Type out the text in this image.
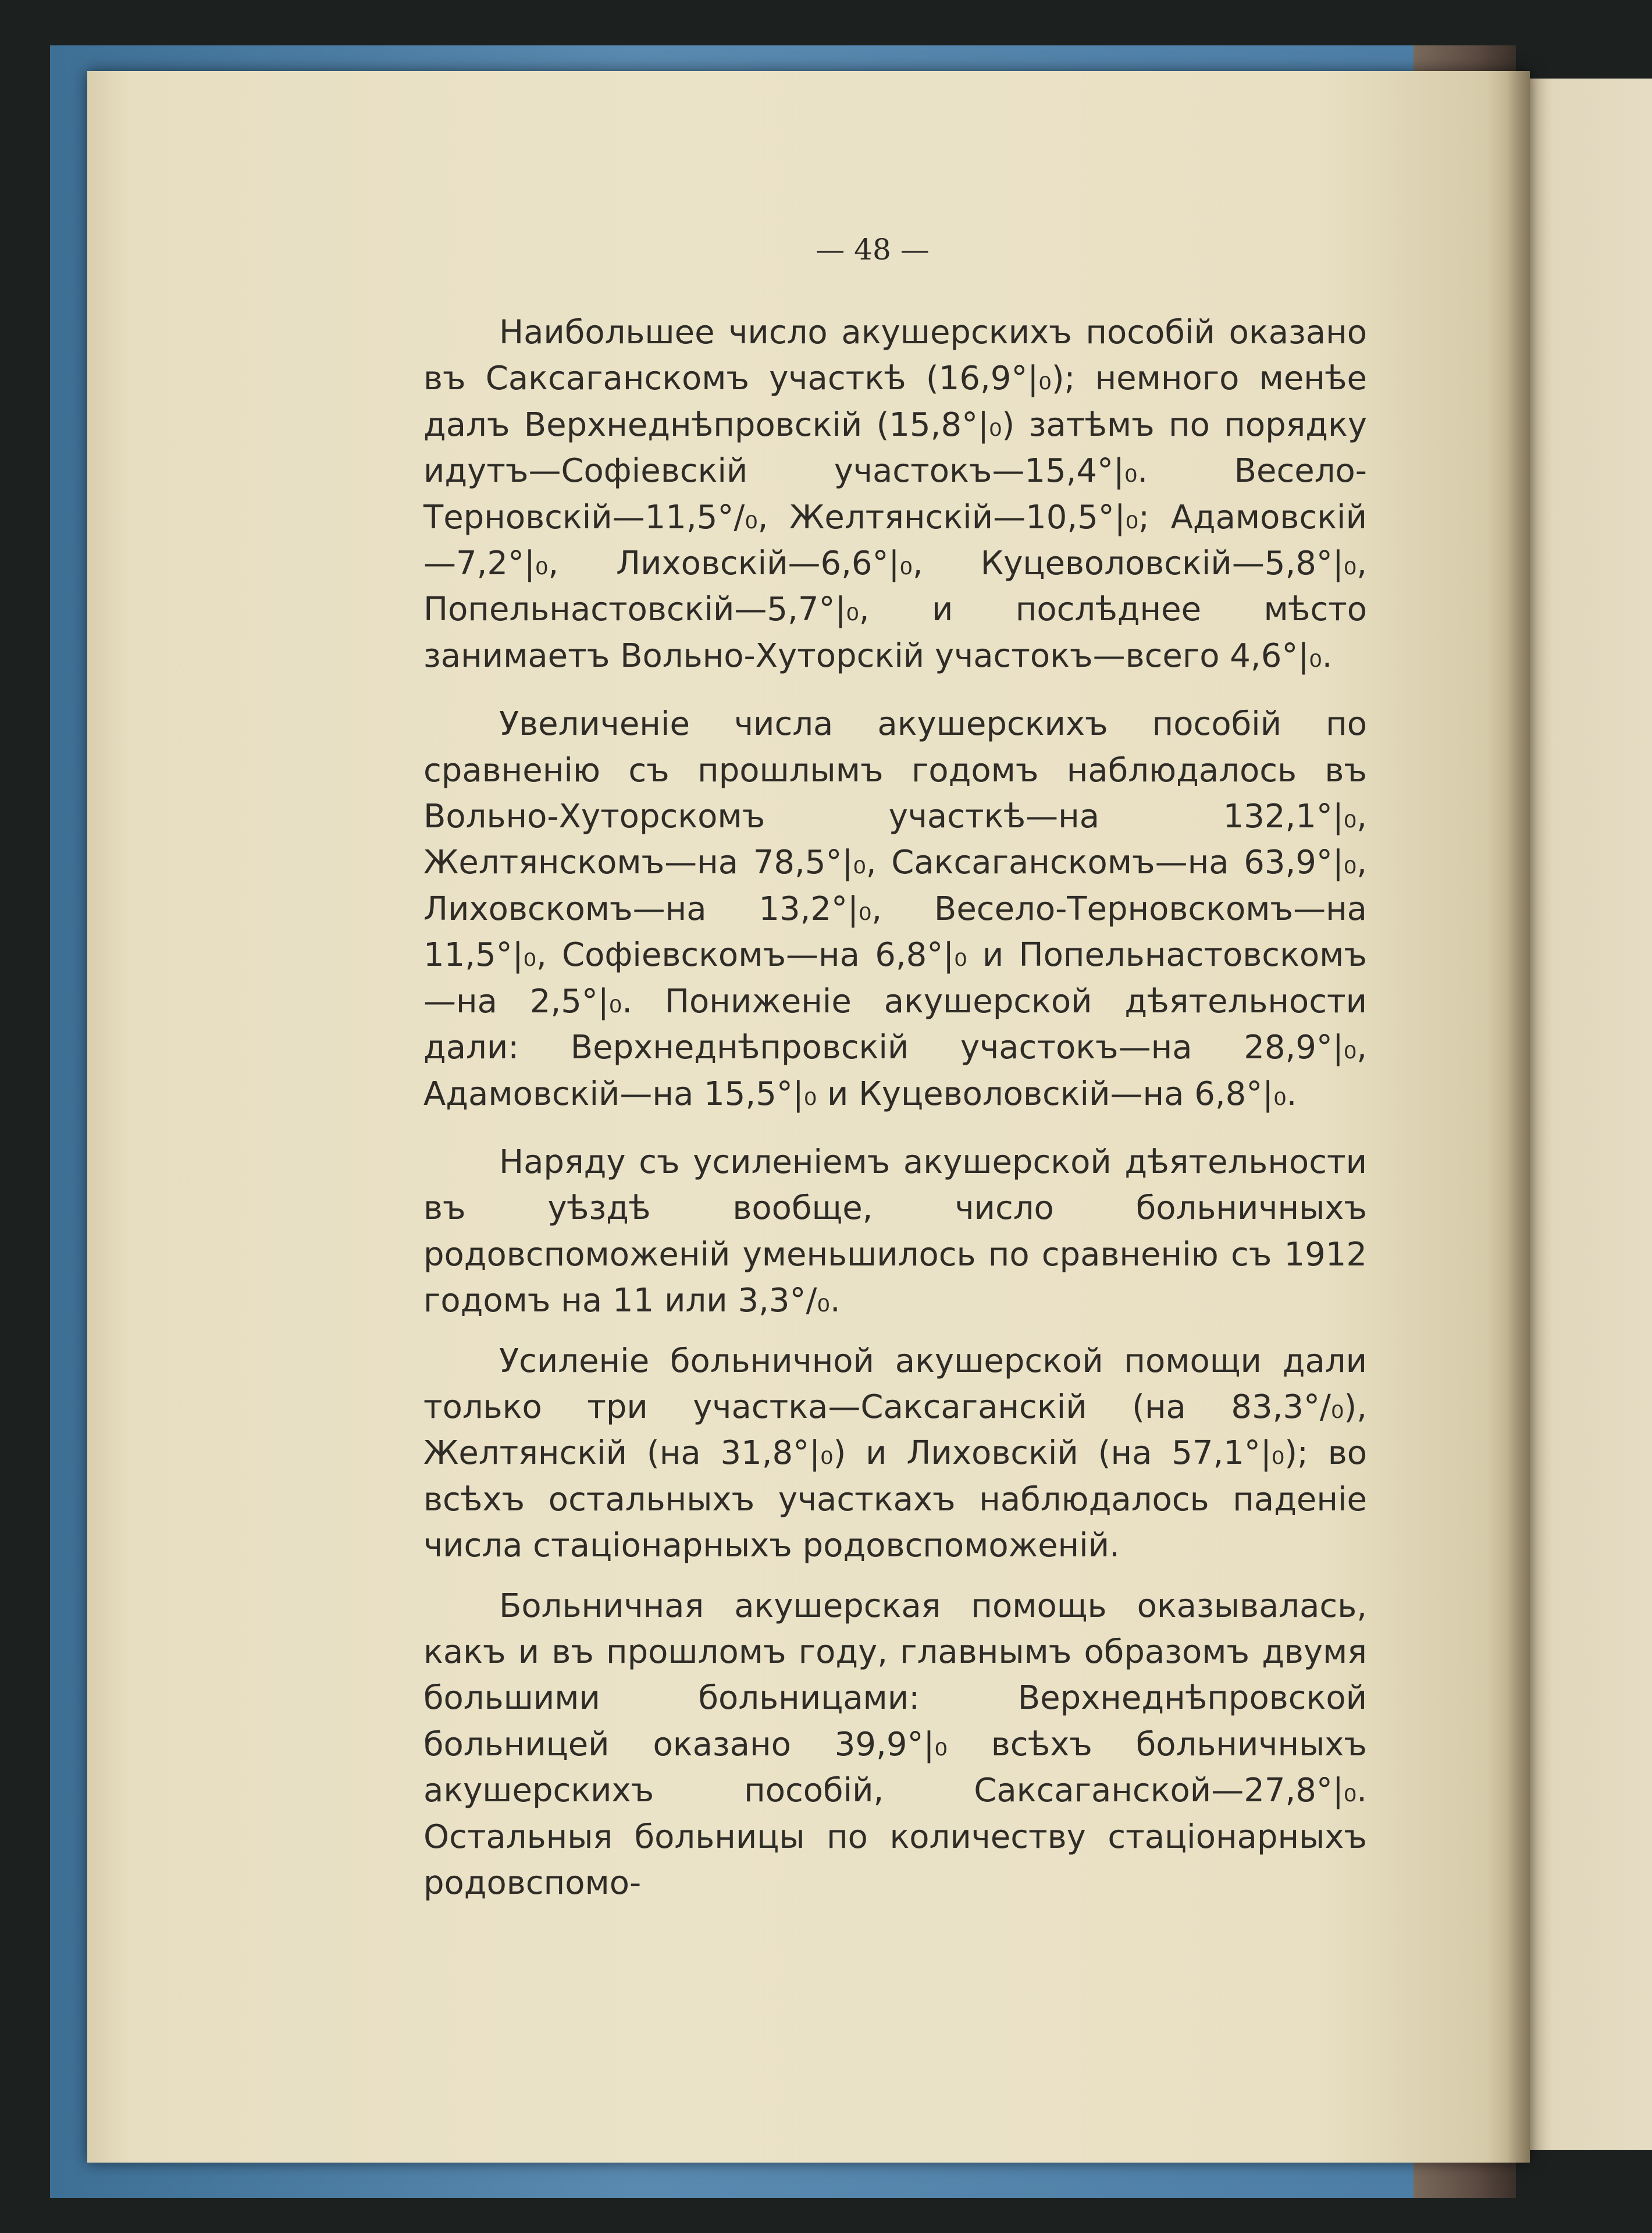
— 48 —

Наибольшее число акушерскихъ пособій оказано въ Саксаганскомъ участкѣ (16,9°|₀); немного менѣе далъ Верхнеднѣпровскій (15,8°|₀) затѣмъ по порядку идутъ—Софіевскій участокъ—15,4°|₀. Весело-Терновскій—11,5°/₀, Желтянскій—10,5°|₀; Адамовскій—7,2°|₀, Лиховскій—6,6°|₀, Куцеволовскій—5,8°|₀, Попельнастовскій—5,7°|₀, и послѣднее мѣсто занимаетъ Вольно-Хуторскій участокъ—всего 4,6°|₀.

Увеличеніе числа акушерскихъ пособій по сравненію съ прошлымъ годомъ наблюдалось въ Вольно-Хуторскомъ участкѣ—на 132,1°|₀, Желтянскомъ—на 78,5°|₀, Саксаганскомъ—на 63,9°|₀, Лиховскомъ—на 13,2°|₀, Весело-Терновскомъ—на 11,5°|₀, Софіевскомъ—на 6,8°|₀ и Попельнастовскомъ—на 2,5°|₀. Пониженіе акушерской дѣятельности дали: Верхнеднѣпровскій участокъ—на 28,9°|₀, Адамовскій—на 15,5°|₀ и Куцеволовскій—на 6,8°|₀.

Наряду съ усиленіемъ акушерской дѣятельности въ уѣздѣ вообще, число больничныхъ родовспоможеній уменьшилось по сравненію съ 1912 годомъ на 11 или 3,3°/₀.

Усиленіе больничной акушерской помощи дали только три участка—Саксаганскій (на 83,3°/₀), Желтянскій (на 31,8°|₀) и Лиховскій (на 57,1°|₀); во всѣхъ остальныхъ участкахъ наблюдалось паденіе числа стаціонарныхъ родовспоможеній.

Больничная акушерская помощь оказывалась, какъ и въ прошломъ году, главнымъ образомъ двумя большими больницами: Верхнеднѣпровской больницей оказано 39,9°|₀ всѣхъ больничныхъ акушерскихъ пособій, Саксаганской—27,8°|₀. Остальныя больницы по количеству стаціонарныхъ родовспомо-
